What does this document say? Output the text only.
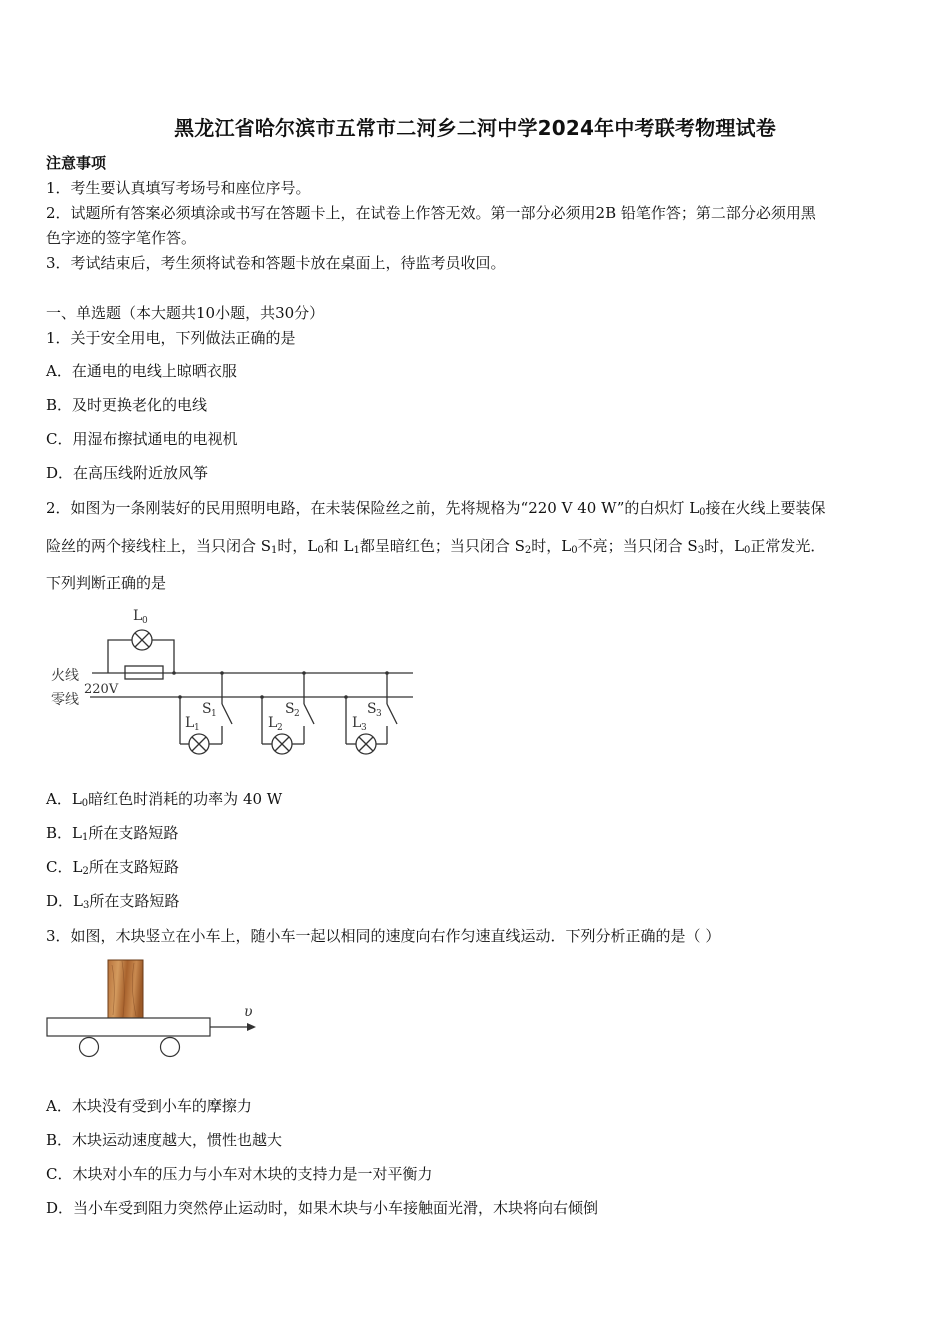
黑龙江省哈尔滨市五常市二河乡二河中学2024年中考联考物理试卷
注意事项
1．考生要认真填写考场号和座位序号。
2．试题所有答案必须填涂或书写在答题卡上，在试卷上作答无效。第一部分必须用2B 铅笔作答；第二部分必须用黑
色字迹的签字笔作答。
3．考试结束后，考生须将试卷和答题卡放在桌面上，待监考员收回。
一、单选题（本大题共10小题，共30分）
1．关于安全用电，下列做法正确的是
A．在通电的电线上晾晒衣服
B．及时更换老化的电线
C．用湿布擦拭通电的电视机
D．在高压线附近放风筝
2．如图为一条刚装好的民用照明电路，在未装保险丝之前，先将规格为“220 V 40 W”的白炽灯 $L_0$接在火线上要装保
险丝的两个接线柱上，当只闭合 $S_1$时，$L_0$和 $L_1$都呈暗红色；当只闭合 $S_2$时，$L_0$不亮；当只闭合 $S_3$时，$L_0$正常发光．
下列判断正确的是
火线
零线
220V
L 0
L 1	L 2	L 3
S 1	S 2	S 3
A．$L_0$暗红色时消耗的功率为 40 W
B．$L_1$所在支路短路
C．$L_2$所在支路短路
D．$L_3$所在支路短路
3．如图，木块竖立在小车上，随小车一起以相同的速度向右作匀速直线运动．下列分析正确的是（ ）
υ
A．木块没有受到小车的摩擦力
B．木块运动速度越大，惯性也越大
C．木块对小车的压力与小车对木块的支持力是一对平衡力
D．当小车受到阻力突然停止运动时，如果木块与小车接触面光滑，木块将向右倾倒
